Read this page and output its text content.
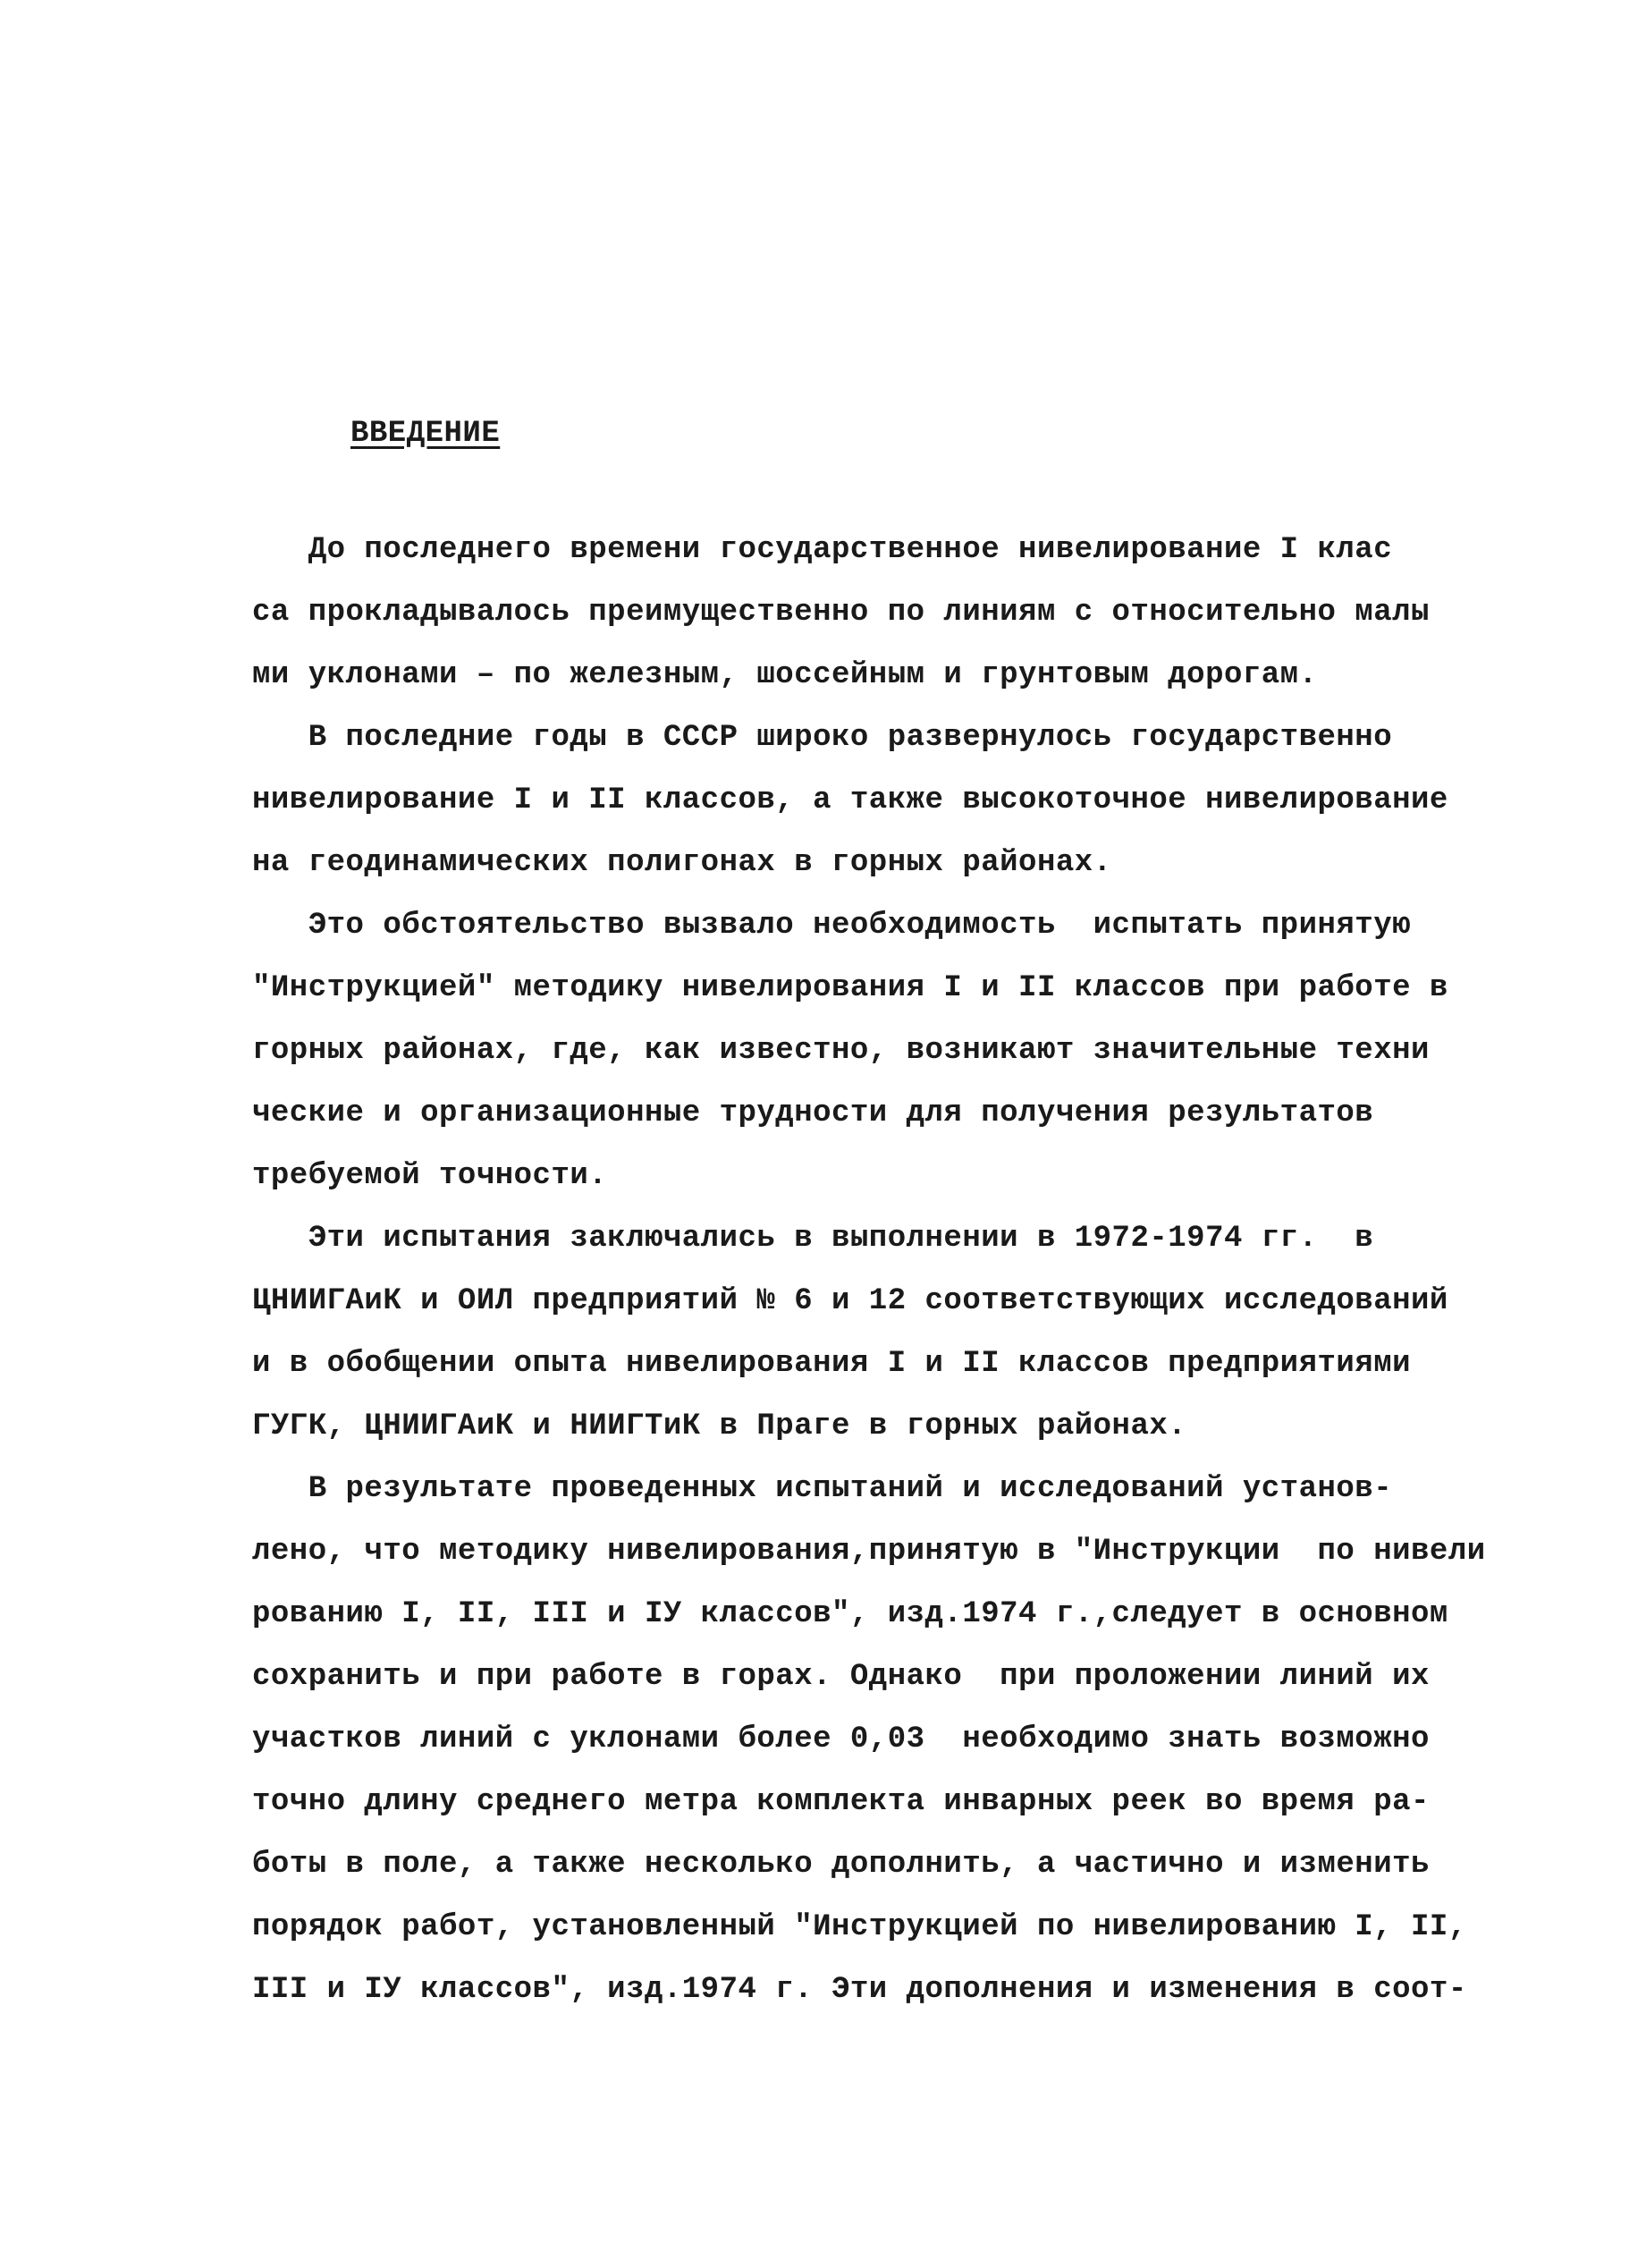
ВВЕДЕНИЕ
До последнего времени государственное нивелирование I клас
са прокладывалось преимущественно по линиям с относительно малы
ми уклонами – по железным, шоссейным и грунтовым дорогам.
В последние годы в СССР широко развернулось государственно
нивелирование I и II классов, а также высокоточное нивелирование
на геодинамических полигонах в горных районах.
Это обстоятельство вызвало необходимость  испытать принятую
"Инструкцией" методику нивелирования I и II классов при работе в
горных районах, где, как известно, возникают значительные техни
ческие и организационные трудности для получения результатов
требуемой точности.
Эти испытания заключались в выполнении в 1972-1974 гг.  в
ЦНИИГАиК и ОИЛ предприятий № 6 и 12 соответствующих исследований
и в обобщении опыта нивелирования I и II классов предприятиями
ГУГК, ЦНИИГАиК и НИИГТиК в Праге в горных районах.
В результате проведенных испытаний и исследований установ-
лено, что методику нивелирования,принятую в "Инструкции  по нивели
рованию I, II, III и IУ классов", изд.1974 г.,следует в основном
сохранить и при работе в горах. Однако  при проложении линий их
участков линий с уклонами более 0,03  необходимо знать возможно
точно длину среднего метра комплекта инварных реек во время ра-
боты в поле, а также несколько дополнить, а частично и изменить
порядок работ, установленный "Инструкцией по нивелированию I, II,
III и IУ классов", изд.1974 г. Эти дополнения и изменения в соот-
